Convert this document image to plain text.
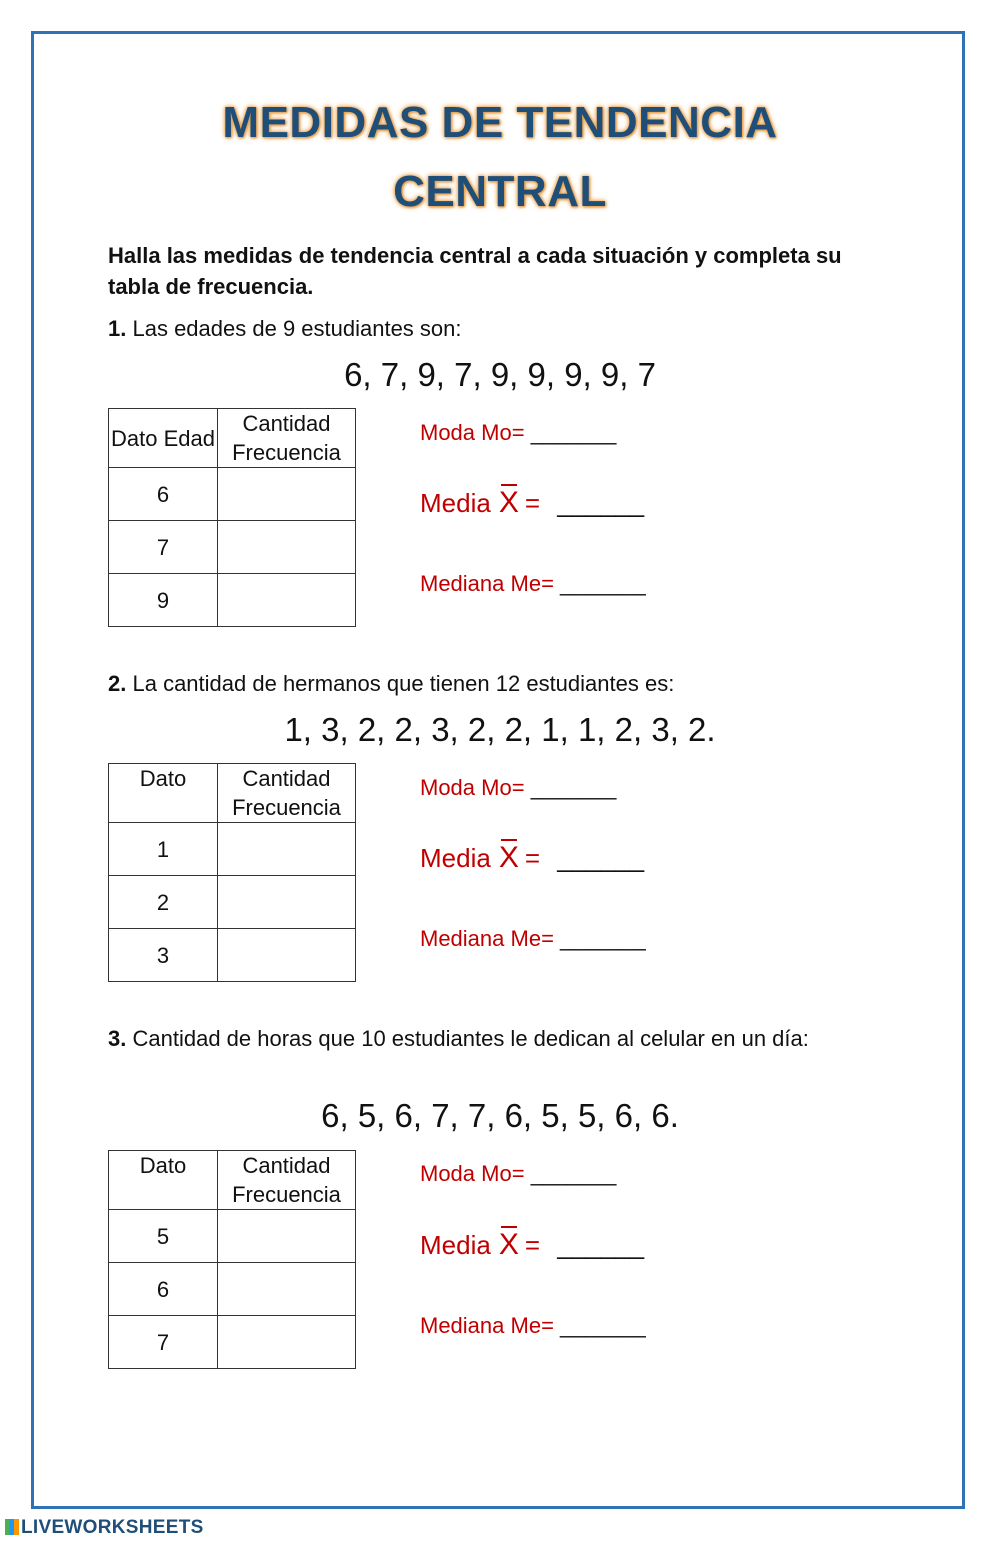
MEDIDAS DE TENDENCIA
CENTRAL
Halla las medidas de tendencia central a cada situación y completa su tabla de frecuencia.
1. Las edades de 9 estudiantes son:
6, 7, 9, 7, 9, 9, 9, 9, 7
Dato Edad	Cantidad Frecuencia
6	
7	
9	
Moda Mo= _______
Media X = ______
Mediana Me= _______
2. La cantidad de hermanos que tienen 12 estudiantes es:
1, 3, 2, 2, 3, 2, 2, 1, 1, 2, 3, 2.
Dato	Cantidad Frecuencia
1	
2	
3	
Moda Mo= _______
Media X = ______
Mediana Me= _______
3. Cantidad de horas que 10 estudiantes le dedican al celular en un día:
6, 5, 6, 7, 7, 6, 5, 5, 6, 6.
Dato	Cantidad Frecuencia
5	
6	
7	
Moda Mo= _______
Media X = ______
Mediana Me= _______
LIVEWORKSHEETS
